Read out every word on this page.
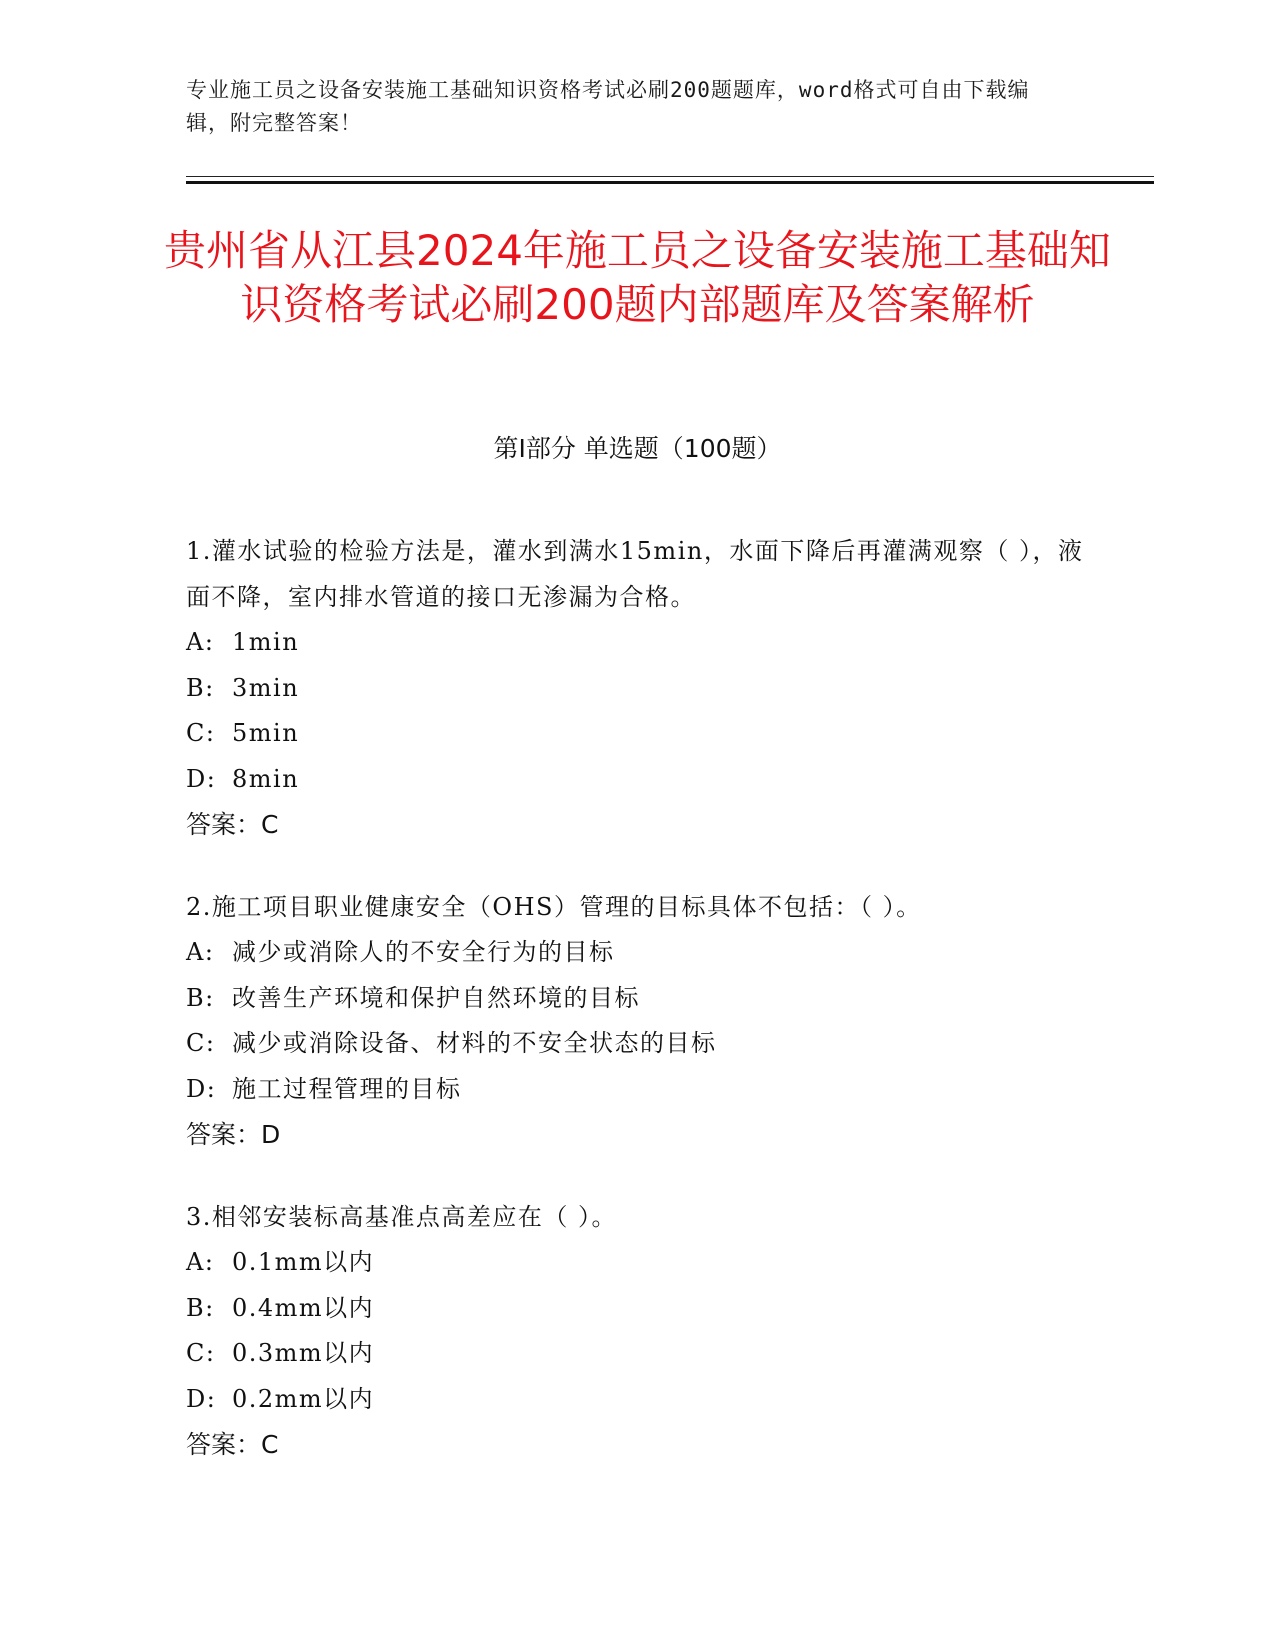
专业施工员之设备安装施工基础知识资格考试必刷200题题库，word格式可自由下载编辑，附完整答案！

贵州省从江县2024年施工员之设备安装施工基础知识资格考试必刷200题内部题库及答案解析
第Ⅰ部分 单选题（100题）

1.灌水试验的检验方法是，灌水到满水15min，水面下降后再灌满观察（ ），液面不降，室内排水管道的接口无渗漏为合格。

A: 1min

B: 3min

C: 5min

D: 8min

答案：C

2.施工项目职业健康安全（OHS）管理的目标具体不包括：（ ）。

A: 减少或消除人的不安全行为的目标

B: 改善生产环境和保护自然环境的目标

C: 减少或消除设备、材料的不安全状态的目标

D: 施工过程管理的目标

答案：D

3.相邻安装标高基准点高差应在（ ）。

A: 0.1mm以内

B: 0.4mm以内

C: 0.3mm以内

D: 0.2mm以内

答案：C
